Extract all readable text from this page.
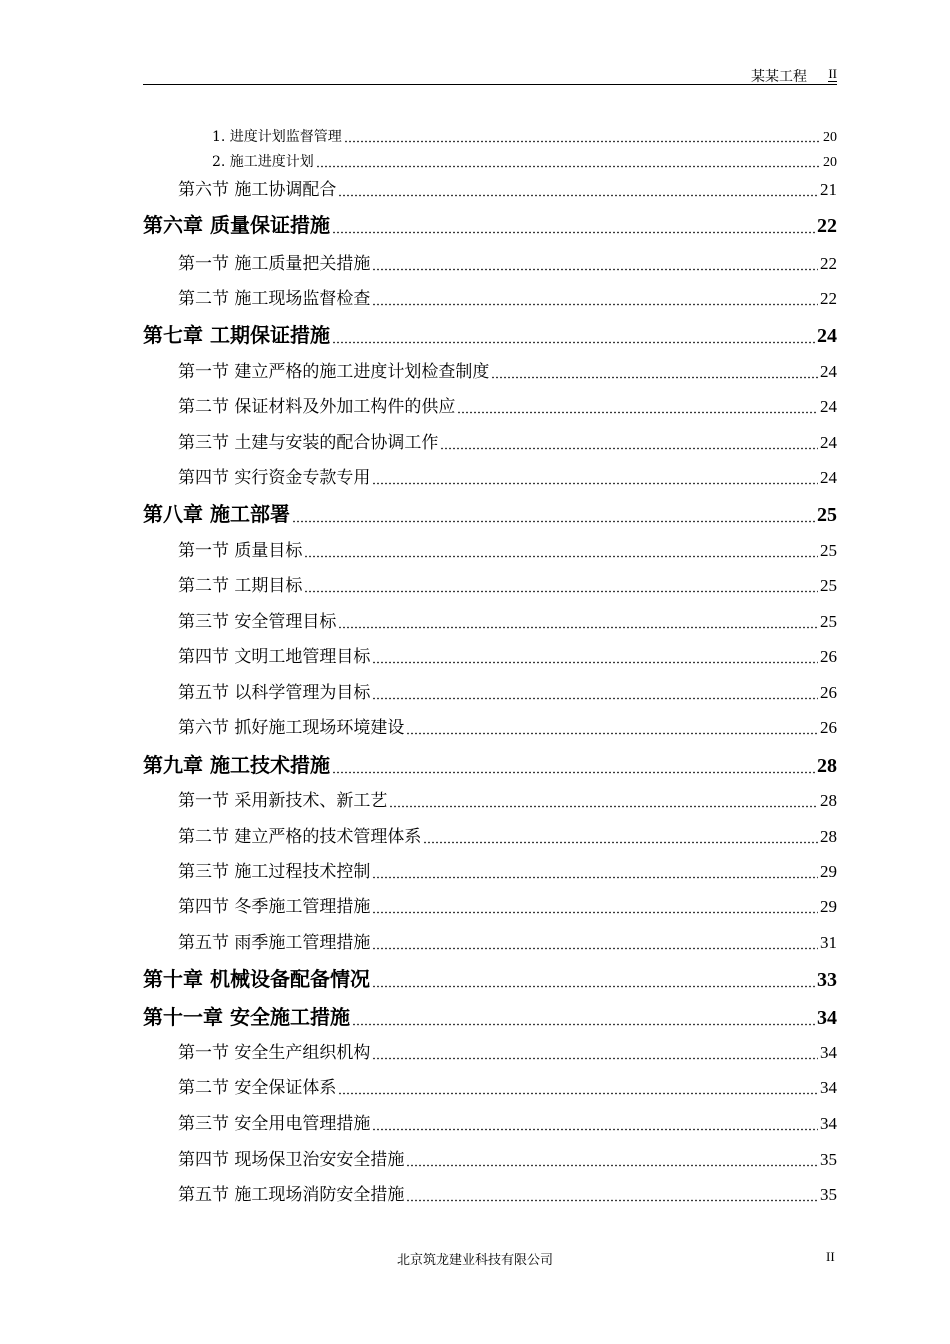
某某工程 II
1. 进度计划监督管理	20
2. 施工进度计划	20
第六节 施工协调配合	21
第六章 质量保证措施	22
第一节 施工质量把关措施	22
第二节 施工现场监督检查	22
第七章 工期保证措施	24
第一节 建立严格的施工进度计划检查制度	24
第二节 保证材料及外加工构件的供应	24
第三节 土建与安装的配合协调工作	24
第四节 实行资金专款专用	24
第八章 施工部署	25
第一节 质量目标	25
第二节 工期目标	25
第三节 安全管理目标	25
第四节 文明工地管理目标	26
第五节 以科学管理为目标	26
第六节 抓好施工现场环境建设	26
第九章 施工技术措施	28
第一节 采用新技术、新工艺	28
第二节 建立严格的技术管理体系	28
第三节 施工过程技术控制	29
第四节 冬季施工管理措施	29
第五节 雨季施工管理措施	31
第十章 机械设备配备情况	33
第十一章 安全施工措施	34
第一节 安全生产组织机构	34
第二节 安全保证体系	34
第三节 安全用电管理措施	34
第四节 现场保卫治安安全措施	35
第五节 施工现场消防安全措施	35
北京筑龙建业科技有限公司	II
